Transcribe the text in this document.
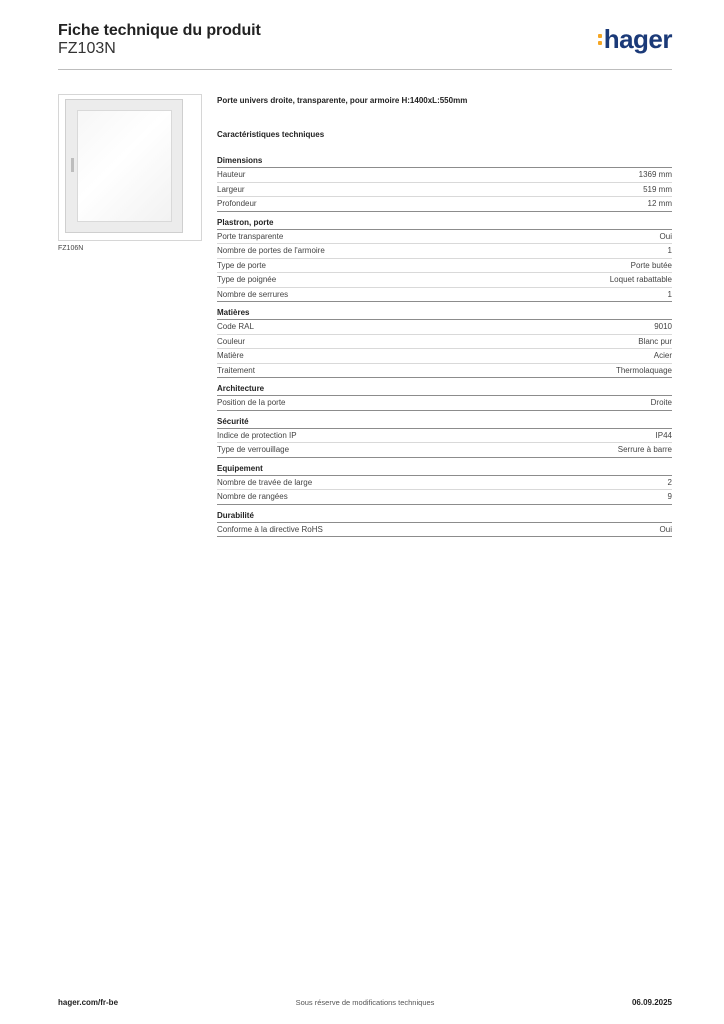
Fiche technique du produit
FZ103N	hager
FZ106N
Porte univers droite, transparente, pour armoire H:1400xL:550mm
Caractéristiques techniques
Dimensions
Hauteur	1369 mm
Largeur	519 mm
Profondeur	12 mm
Plastron, porte
Porte transparente	Oui
Nombre de portes de l'armoire	1
Type de porte	Porte butée
Type de poignée	Loquet rabattable
Nombre de serrures	1
Matières
Code RAL	9010
Couleur	Blanc pur
Matière	Acier
Traitement	Thermolaquage
Architecture
Position de la porte	Droite
Sécurité
Indice de protection IP	IP44
Type de verrouillage	Serrure à barre
Equipement
Nombre de travée de large	2
Nombre de rangées	9
Durabilité
Conforme à la directive RoHS	Oui
Sous réserve de modifications techniques
hager.com/fr-be	06.09.2025
